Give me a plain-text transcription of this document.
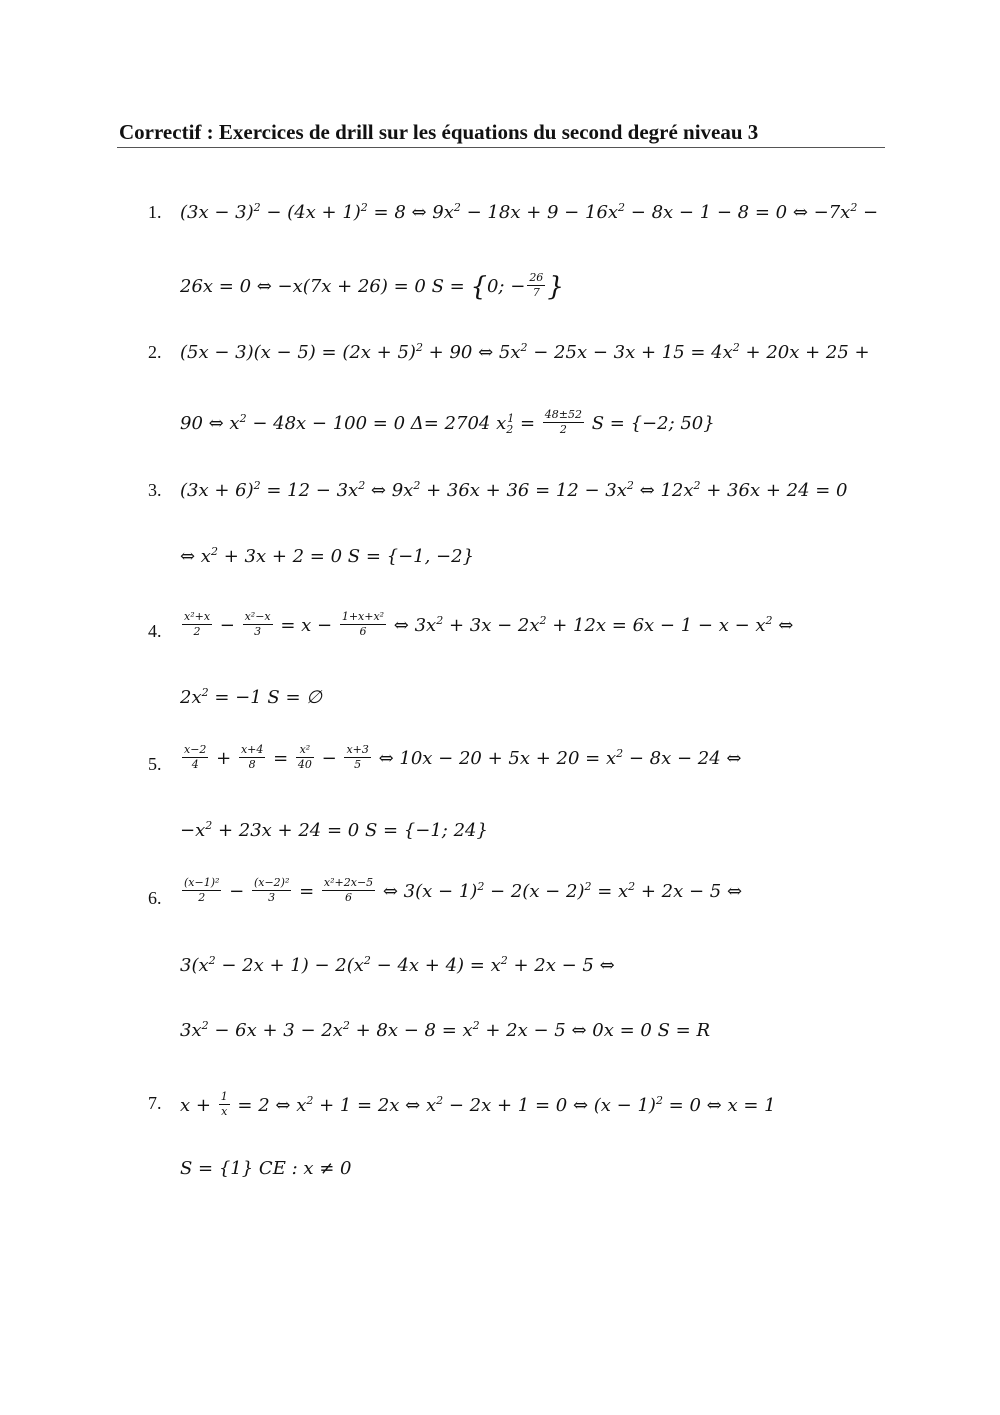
Correctif : Exercices de drill sur les équations du second degré niveau 3
1. $(3x - 3)^2 - (4x + 1)^2 = 8$ ⇔ $9x^2 - 18x + 9 - 16x^2 - 8x - 1 - 8 = 0$ ⇔ $-7x^2$ −
26x = 0 ⇔ −x(7x + 26) = 0 S = {0; − $\frac{26}{7}$ }
2. $(5x - 3)(x - 5) = (2x + 5)^2 + 90$ ⇔ $5x^2 - 25x - 3x + 15 = 4x^2 + 20x + 25$ +
90 ⇔ $x^2 - 48x - 100 = 0$ Δ= 2704 $x_2^1 = \frac{48\pm 52}{2}$ S = {−2; 50}
3. $(3x + 6)^2 = 12 - 3x^2$ ⇔ $9x^2 + 36x + 36 = 12 - 3x^2$ ⇔ $12x^2 + 36x + 24 = 0$
⇔ $x^2 + 3x + 2 = 0$ S = {−1, −2}
4. $\frac{\text{x²+x}}{2} - \frac{\text{x²−x}}{3} = x - \frac{\text{1+x+x²}}{6}$ ⇔ $3x^2 + 3x - 2x^2 + 12x = 6x - 1 - x - x^2$ ⇔
$2x^2 = -1$ S = ∅
5. $\frac{x-2}{4} + \frac{x+4}{8} = \frac{\text{x²}}{40} - \frac{x+3}{5}$ ⇔ $10x - 20 + 5x + 20 = x^2 - 8x - 24$ ⇔
$-x^2 + 23x + 24 = 0$ S = {−1; 24}
6. $\frac{\text{(x−1)²}}{2} - \frac{\text{(x−2)²}}{3} = \frac{\text{x²+2x−5}}{6}$ ⇔ $3(x - 1)^2 - 2(x - 2)^2 = x^2 + 2x - 5$ ⇔
$3(x^2 - 2x + 1) - 2(x^2 - 4x + 4) = x^2 + 2x - 5$ ⇔
$3x^2 - 6x + 3 - 2x^2 + 8x - 8 = x^2 + 2x - 5$ ⇔ 0x = 0 S = R
7. $x + \frac{1}{x} = 2$ ⇔ $x^2 + 1 = 2x$ ⇔ $x^2 - 2x + 1 = 0$ ⇔ $(x - 1)^2 = 0$ ⇔ x = 1
S = {1} CE : x ≠ 0
